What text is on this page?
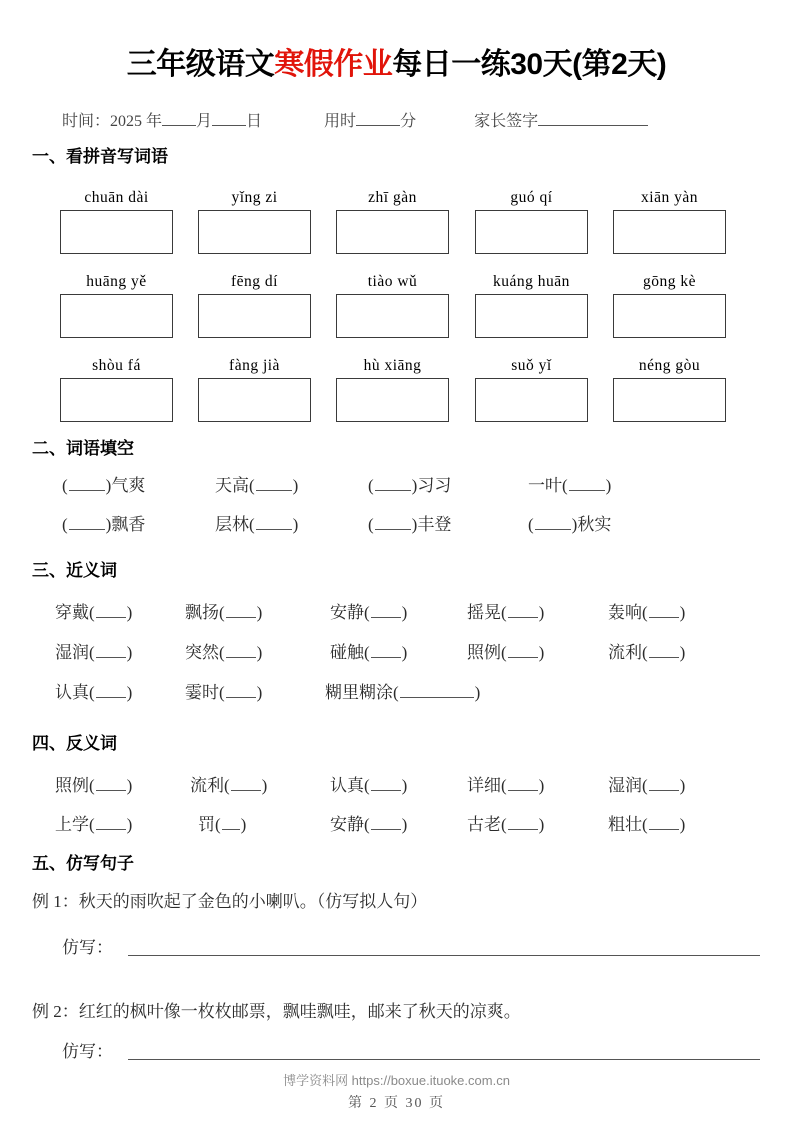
三年级语文寒假作业每日一练30天(第2天)
时间：2025 年 月 日	用时	分	家长签字
一、看拼音写词语
chuān dài	yǐng zi	zhī gàn	guó qí	xiān yàn
huāng yě	fēng dí	tiào wǔ	kuáng huān	gōng kè
shòu fá	fàng jià	hù xiāng	suǒ yǐ	néng gòu
二、词语填空
( )气爽	天高( )	( )习习	一叶( )
( )飘香	层林( )	( )丰登	( )秋实
三、近义词
穿戴( )	飘扬( )	安静( )	摇晃( )	轰响( )
湿润( )	突然( )	碰触( )	照例( )	流利( )
认真( )	霎时( )	糊里糊涂(	)
四、反义词
照例( )	流利( )	认真( )	详细( )	湿润( )
上学( )	罚( )	安静( )	古老( )	粗壮( )
五、仿写句子
例 1：秋天的雨吹起了金色的小喇叭。（仿写拟人句）
仿写：
例 2：红红的枫叶像一枚枚邮票，飘哇飘哇，邮来了秋天的凉爽。
仿写：
博学资料网 https://boxue.ituoke.com.cn
第 2 页 30 页
